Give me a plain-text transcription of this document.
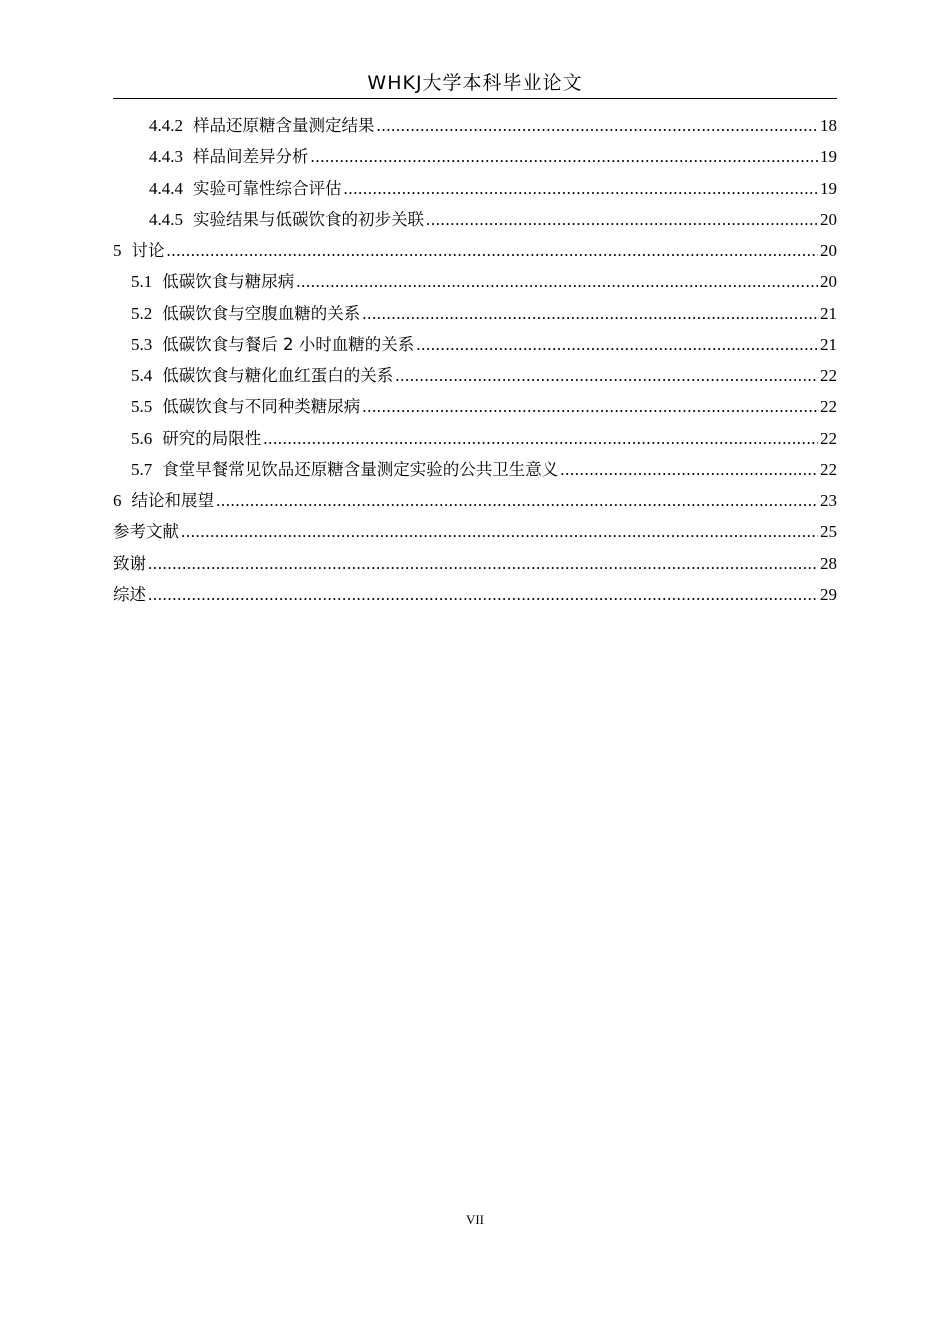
WHKJ大学本科毕业论文
4.4.2 样品还原糖含量测定结果 .....	18
4.4.3 样品间差异分析 .....	19
4.4.4 实验可靠性综合评估 .....	19
4.4.5 实验结果与低碳饮食的初步关联 .....	20
5 讨论 .....	20
5.1 低碳饮食与糖尿病 .....	20
5.2 低碳饮食与空腹血糖的关系 .....	21
5.3 低碳饮食与餐后 2 小时血糖的关系 .....	21
5.4 低碳饮食与糖化血红蛋白的关系 .....	22
5.5 低碳饮食与不同种类糖尿病 .....	22
5.6 研究的局限性 .....	22
5.7 食堂早餐常见饮品还原糖含量测定实验的公共卫生意义 .....	22
6 结论和展望 .....	23
参考文献 .....	25
致谢 .....	28
综述 .....	29
VII
